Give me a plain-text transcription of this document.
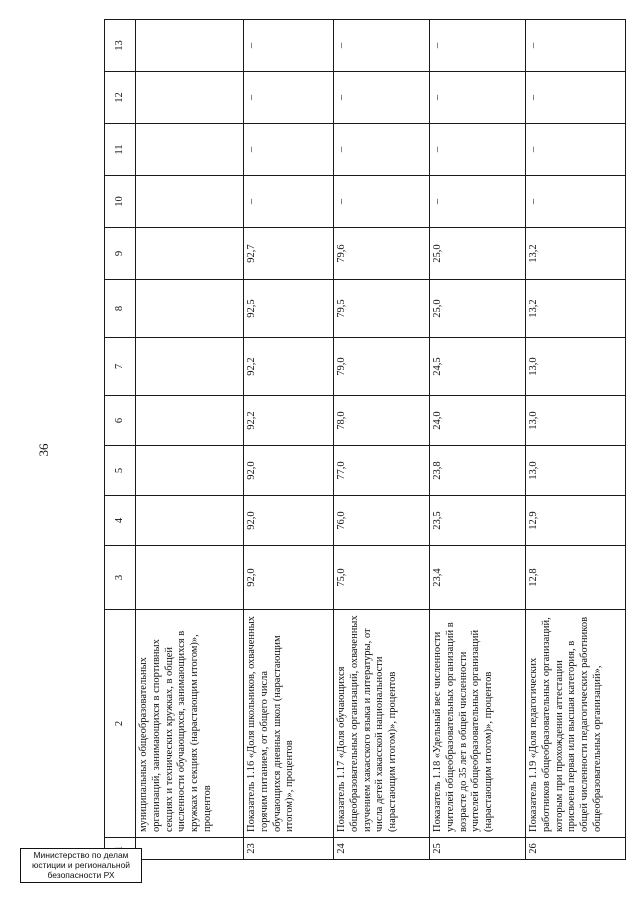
36
	2	3	4	5	6	7	8	9	10	11	12	13
	муниципальных общеобразовательных организаций, занимающихся в спортивных секциях и технических кружках, в общей численности обучающихся, занимающихся в кружках и секциях (нарастающим итогом)», процентов											
23	Показатель 1.16 «Доля школьников, охваченных горячим питанием, от общего числа обучающихся дневных школ (нарастающим итогом)», процентов	92,0	92,0	92,0	92,2	92,2	92,5	92,7	–	–	–	–
24	Показатель 1.17 «Доля обучающихся общеобразовательных организаций, охваченных изучением хакасского языка и литературы, от числа детей хакасской национальности (нарастающим итогом)», процентов	75,0	76,0	77,0	78,0	79,0	79,5	79,6	–	–	–	–
25	Показатель 1.18 «Удельный вес численности учителей общеобразовательных организаций в возрасте до 35 лет в общей численности учителей общеобразовательных организаций (нарастающим итогом)», процентов	23,4	23,5	23,8	24,0	24,5	25,0	25,0	–	–	–	–
26	Показатель 1.19 «Доля педагогических работников общеобразовательных организаций, которым при прохождении аттестации присвоена первая или высшая категория, в общей численности педагогических работников общеобразовательных организаций»,	12,8	12,9	13,0	13,0	13,0	13,2	13,2	–	–	–	–
Министерство по делам
юстиции и региональной
безопасности РХ
